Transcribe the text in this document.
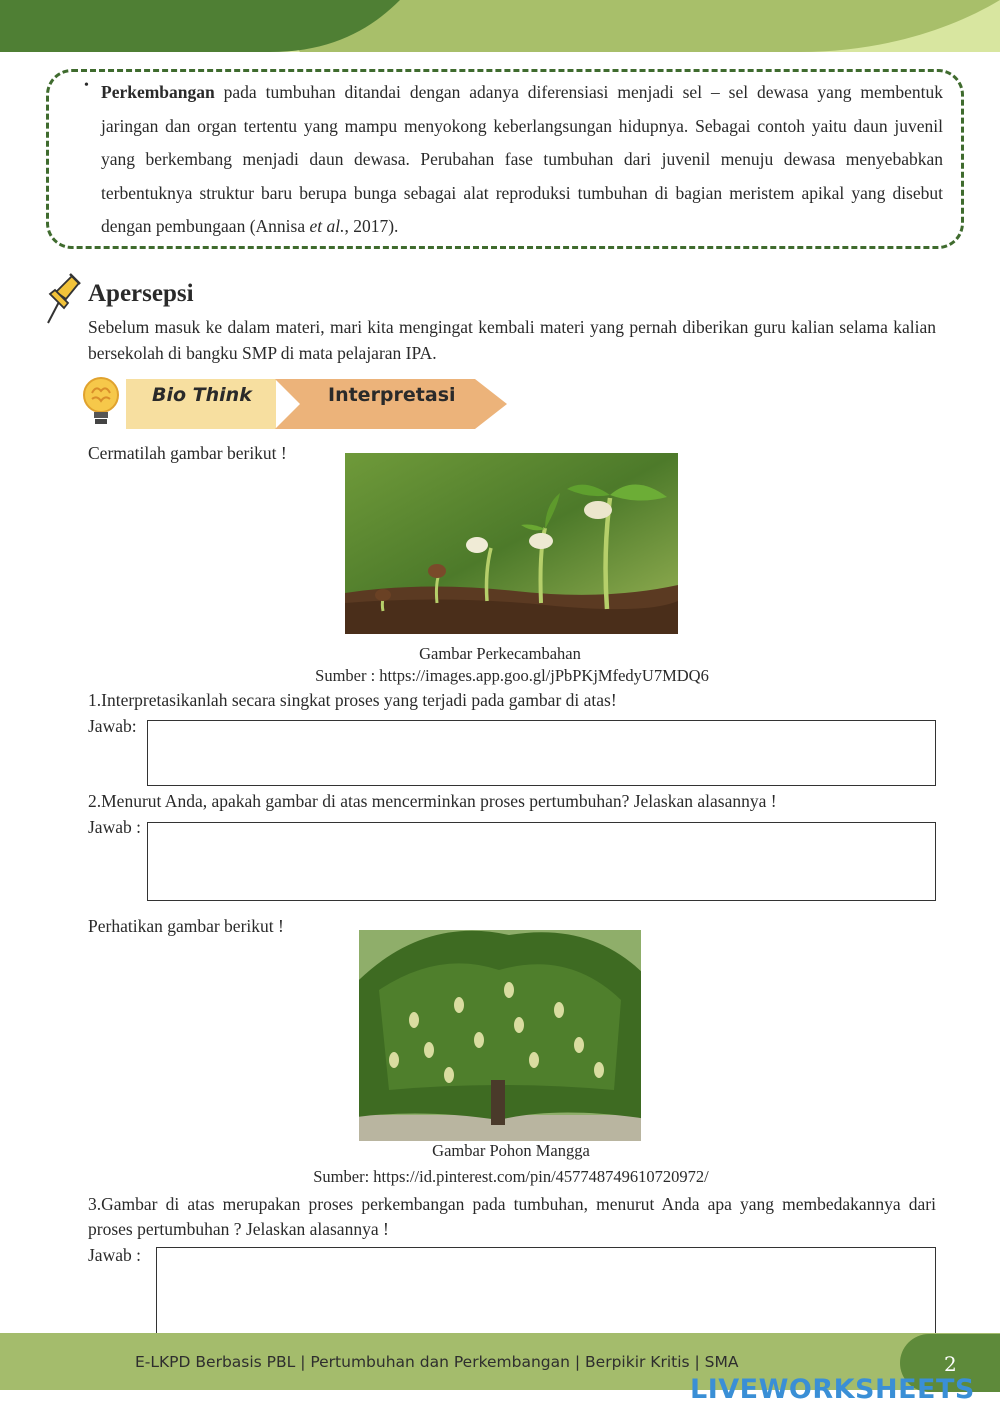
• Perkembangan pada tumbuhan ditandai dengan adanya diferensiasi menjadi sel – sel dewasa yang membentuk jaringan dan organ tertentu yang mampu menyokong keberlangsungan hidupnya. Sebagai contoh yaitu daun juvenil yang berkembang menjadi daun dewasa. Perubahan fase tumbuhan dari juvenil menuju dewasa menyebabkan terbentuknya struktur baru berupa bunga sebagai alat reproduksi tumbuhan di bagian meristem apikal yang disebut dengan pembungaan (Annisa et al., 2017).
Apersepsi
Sebelum masuk ke dalam materi, mari kita mengingat kembali materi yang pernah diberikan guru kalian selama kalian bersekolah di bangku SMP di mata pelajaran IPA.
Bio Think	Interpretasi
Cermatilah gambar berikut !
Gambar Perkecambahan
Sumber : https://images.app.goo.gl/jPbPKjMfedyU7MDQ6
1.Interpretasikanlah secara singkat proses yang terjadi pada gambar di atas!
Jawab:
2.Menurut Anda, apakah gambar di atas mencerminkan proses pertumbuhan? Jelaskan alasannya !
Jawab :
Perhatikan gambar berikut !
Gambar Pohon Mangga
Sumber: https://id.pinterest.com/pin/457748749610720972/
3.Gambar di atas merupakan proses perkembangan pada tumbuhan, menurut Anda apa yang membedakannya dari proses pertumbuhan ? Jelaskan alasannya !
Jawab :
E-LKPD Berbasis PBL | Pertumbuhan dan Perkembangan | Berpikir Kritis | SMA	2
LIVEWORKSHEETS
